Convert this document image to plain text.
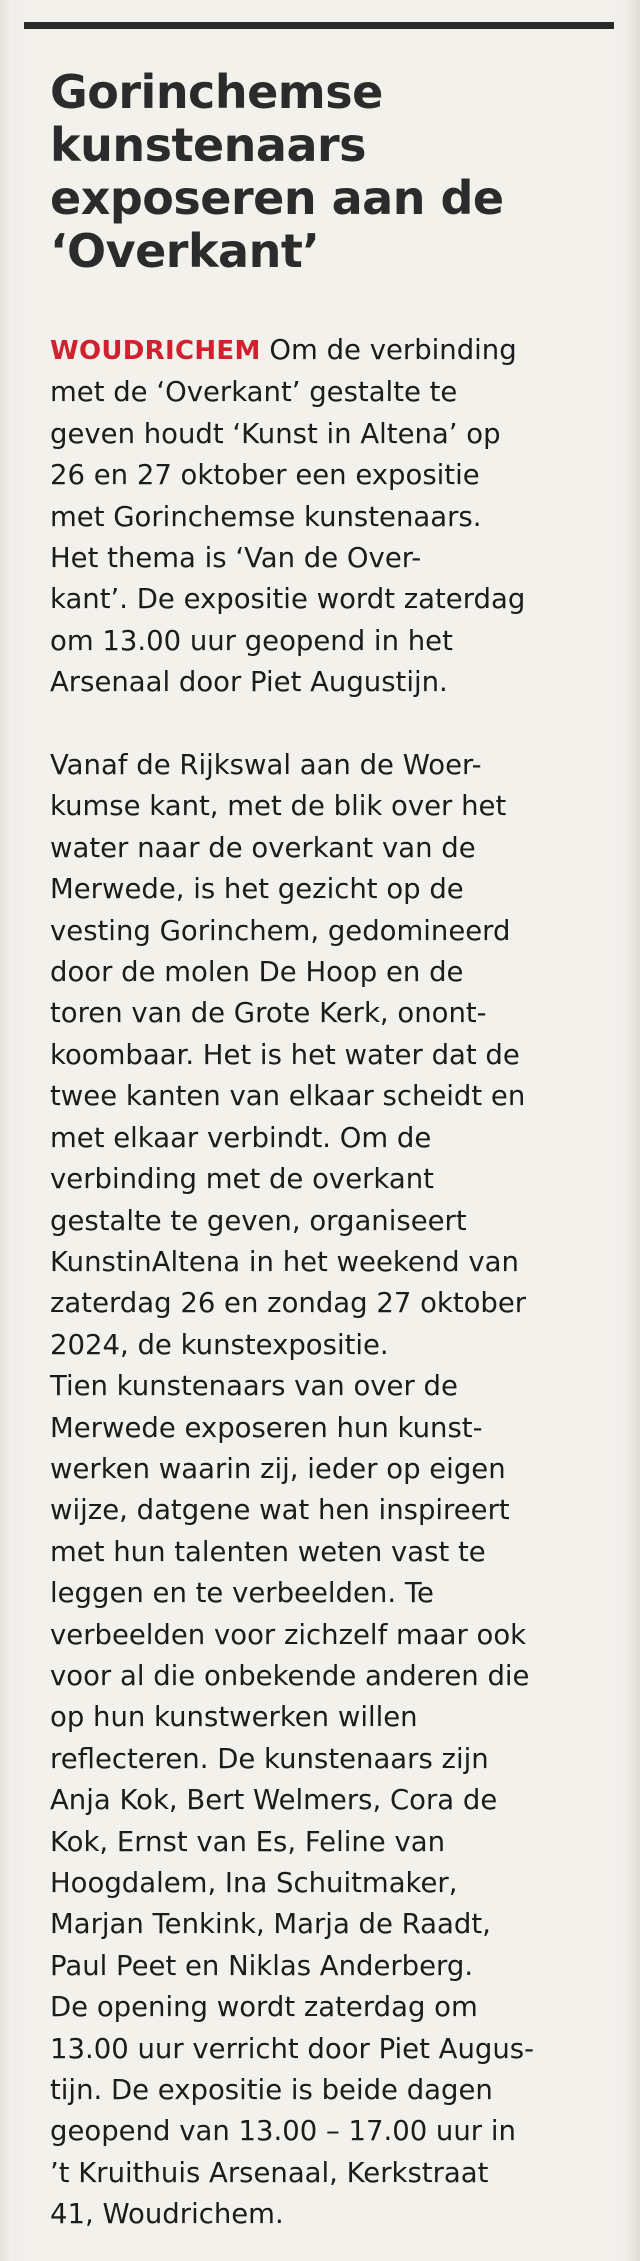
Gorinchemse
kunstenaars
exposeren aan de
‘Overkant’
WOUDRICHEM Om de verbinding
met de ‘Overkant’ gestalte te
geven houdt ‘Kunst in Altena’ op
26 en 27 oktober een expositie
met Gorinchemse kunstenaars.
Het thema is ‘Van de Over-
kant’. De expositie wordt zaterdag
om 13.00 uur geopend in het
Arsenaal door Piet Augustijn.
Vanaf de Rijkswal aan de Woer-
kumse kant, met de blik over het
water naar de overkant van de
Merwede, is het gezicht op de
vesting Gorinchem, gedomineerd
door de molen De Hoop en de
toren van de Grote Kerk, onont-
koombaar. Het is het water dat de
twee kanten van elkaar scheidt en
met elkaar verbindt. Om de
verbinding met de overkant
gestalte te geven, organiseert
KunstinAltena in het weekend van
zaterdag 26 en zondag 27 oktober
2024, de kunstexpositie.
Tien kunstenaars van over de
Merwede exposeren hun kunst-
werken waarin zij, ieder op eigen
wijze, datgene wat hen inspireert
met hun talenten weten vast te
leggen en te verbeelden. Te
verbeelden voor zichzelf maar ook
voor al die onbekende anderen die
op hun kunstwerken willen
reflecteren. De kunstenaars zijn
Anja Kok, Bert Welmers, Cora de
Kok, Ernst van Es, Feline van
Hoogdalem, Ina Schuitmaker,
Marjan Tenkink, Marja de Raadt,
Paul Peet en Niklas Anderberg.
De opening wordt zaterdag om
13.00 uur verricht door Piet Augus-
tijn. De expositie is beide dagen
geopend van 13.00 – 17.00 uur in
’t Kruithuis Arsenaal, Kerkstraat
41, Woudrichem.
